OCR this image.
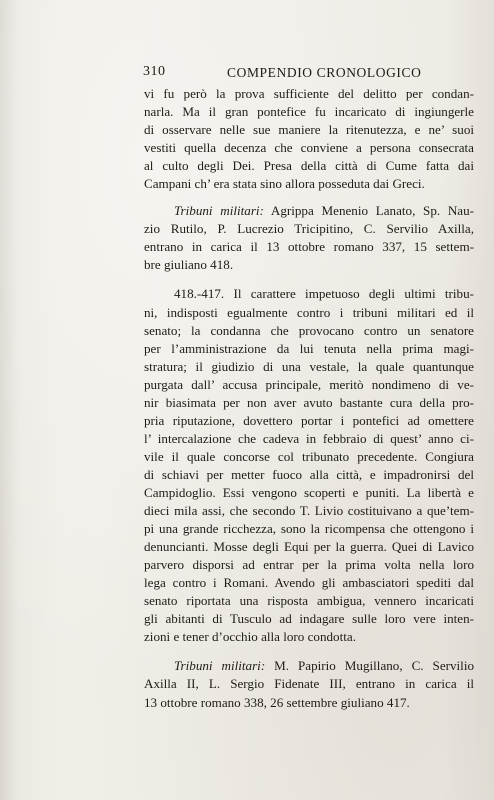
310	COMPENDIO CRONOLOGICO
vi fu però la prova sufficiente del delitto per condan-
narla. Ma il gran pontefice fu incaricato di ingiungerle
di osservare nelle sue maniere la ritenutezza, e ne’ suoi
vestiti quella decenza che conviene a persona consecrata
al culto degli Dei. Presa della città di Cume fatta dai
Campani ch’ era stata sino allora posseduta dai Greci.
Tribuni militari: Agrippa Menenio Lanato, Sp. Nau-
zio Rutilo, P. Lucrezio Tricipitino, C. Servilio Axilla,
entrano in carica il 13 ottobre romano 337, 15 settem-
bre giuliano 418.
418.-417. Il carattere impetuoso degli ultimi tribu-
ni, indisposti egualmente contro i tribuni militari ed il
senato; la condanna che provocano contro un senatore
per l’amministrazione da lui tenuta nella prima magi-
stratura; il giudizio di una vestale, la quale quantunque
purgata dall’ accusa principale, meritò nondimeno di ve-
nir biasimata per non aver avuto bastante cura della pro-
pria riputazione, dovettero portar i pontefici ad omettere
l’ intercalazione che cadeva in febbraio di quest’ anno ci-
vile il quale concorse col tribunato precedente. Congiura
di schiavi per metter fuoco alla città, e impadronirsi del
Campidoglio. Essi vengono scoperti e puniti. La libertà e
dieci mila assi, che secondo T. Livio costituivano a que’tem-
pi una grande ricchezza, sono la ricompensa che ottengono i
denuncianti. Mosse degli Equi per la guerra. Quei di Lavico
parvero disporsi ad entrar per la prima volta nella loro
lega contro i Romani. Avendo gli ambasciatori spediti dal
senato riportata una risposta ambigua, vennero incaricati
gli abitanti di Tusculo ad indagare sulle loro vere inten-
zioni e tener d’occhio alla loro condotta.
Tribuni militari: M. Papirio Mugillano, C. Servilio
Axilla II, L. Sergio Fidenate III, entrano in carica il
13 ottobre romano 338, 26 settembre giuliano 417.
